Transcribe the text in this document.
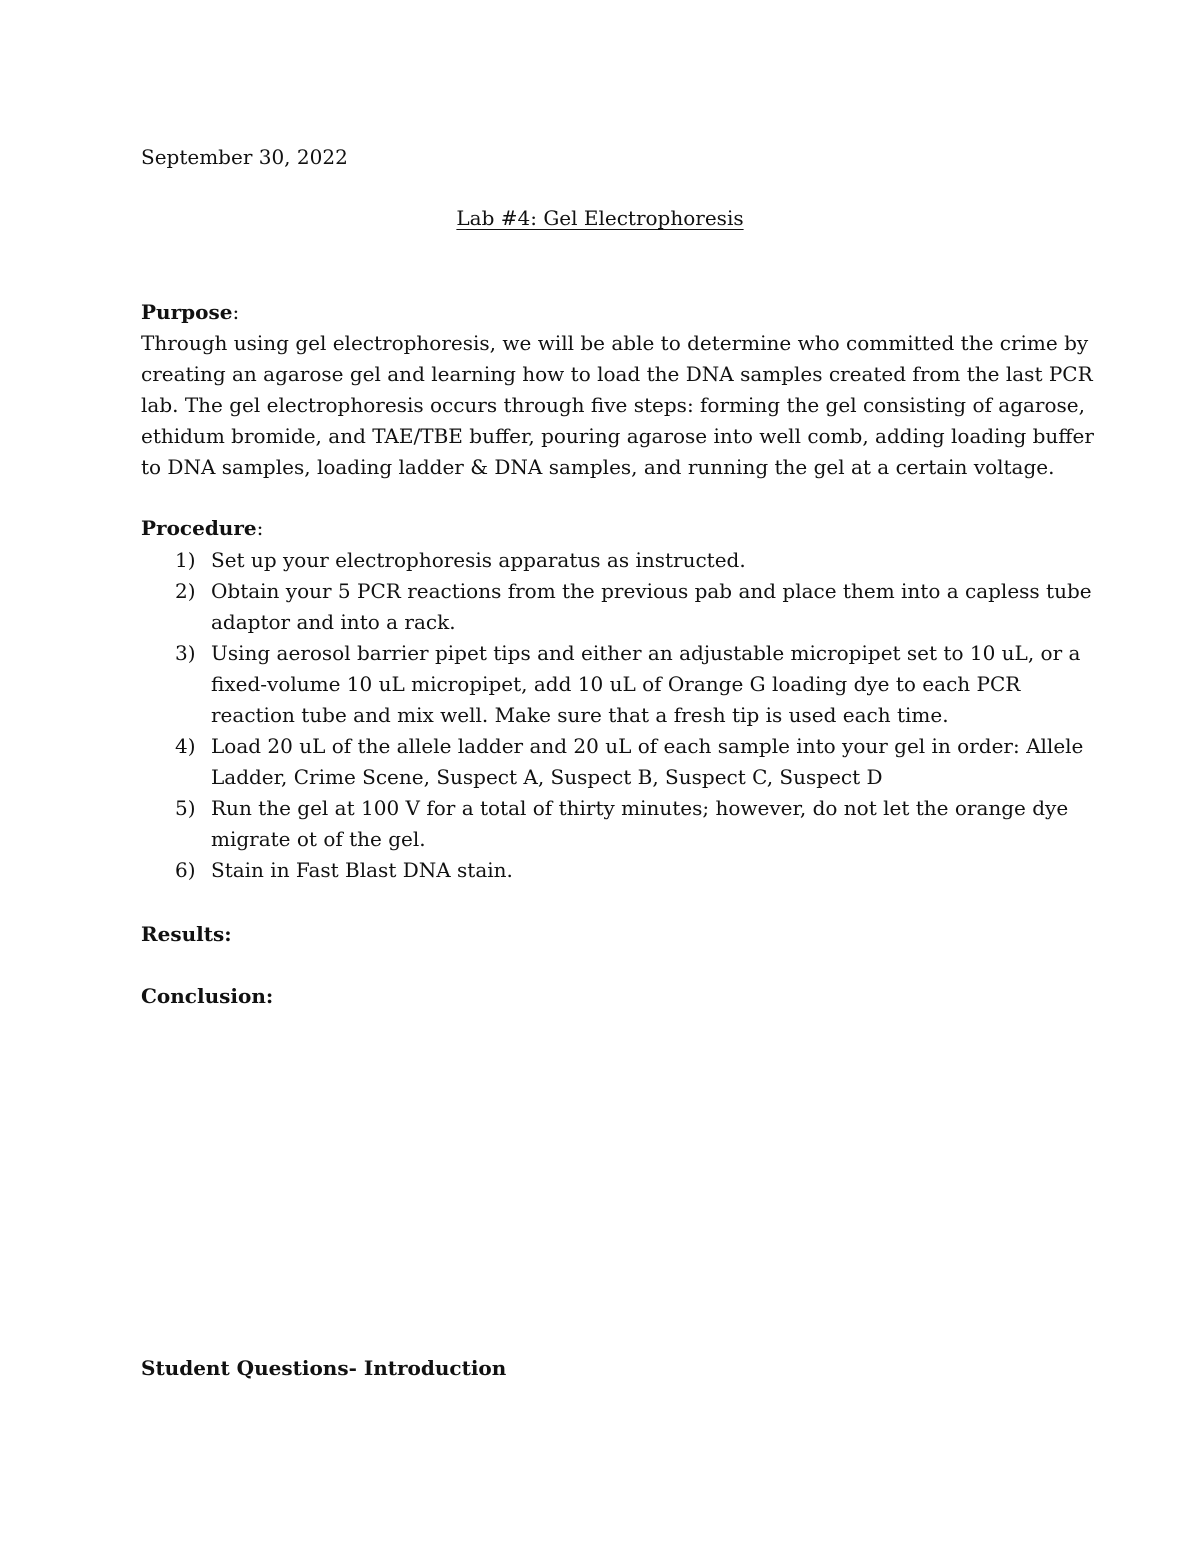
September 30, 2022
Lab #4: Gel Electrophoresis
Purpose:
Through using gel electrophoresis, we will be able to determine who committed the crime by
creating an agarose gel and learning how to load the DNA samples created from the last PCR
lab. The gel electrophoresis occurs through five steps: forming the gel consisting of agarose,
ethidum bromide, and TAE/TBE buffer, pouring agarose into well comb, adding loading buffer
to DNA samples, loading ladder & DNA samples, and running the gel at a certain voltage.
Procedure:
1) Set up your electrophoresis apparatus as instructed.
2) Obtain your 5 PCR reactions from the previous pab and place them into a capless tube
adaptor and into a rack.
3) Using aerosol barrier pipet tips and either an adjustable micropipet set to 10 uL, or a
fixed-volume 10 uL micropipet, add 10 uL of Orange G loading dye to each PCR
reaction tube and mix well. Make sure that a fresh tip is used each time.
4) Load 20 uL of the allele ladder and 20 uL of each sample into your gel in order: Allele
Ladder, Crime Scene, Suspect A, Suspect B, Suspect C, Suspect D
5) Run the gel at 100 V for a total of thirty minutes; however, do not let the orange dye
migrate ot of the gel.
6) Stain in Fast Blast DNA stain.
Results:
Conclusion:
Student Questions- Introduction
